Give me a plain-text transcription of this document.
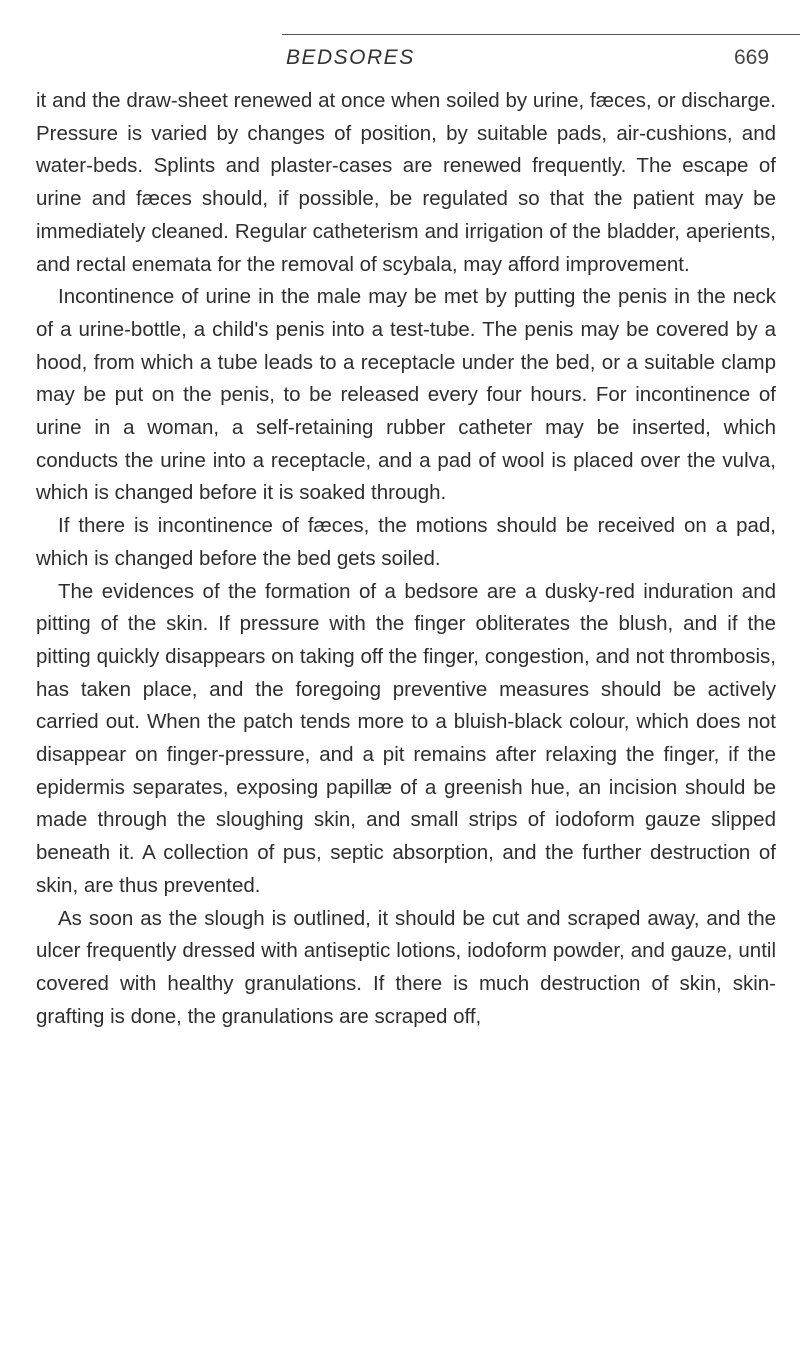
BEDSORES	669

it and the draw-sheet renewed at once when soiled by urine, fæces, or discharge. Pressure is varied by changes of position, by suitable pads, air-cushions, and water-beds. Splints and plaster-cases are renewed frequently. The escape of urine and fæces should, if possible, be regulated so that the patient may be immediately cleaned. Regular catheterism and irrigation of the bladder, aperients, and rectal enemata for the removal of scybala, may afford improvement.

Incontinence of urine in the male may be met by putting the penis in the neck of a urine-bottle, a child's penis into a test-tube. The penis may be covered by a hood, from which a tube leads to a receptacle under the bed, or a suitable clamp may be put on the penis, to be released every four hours. For incontinence of urine in a woman, a self-retaining rubber catheter may be inserted, which conducts the urine into a receptacle, and a pad of wool is placed over the vulva, which is changed before it is soaked through.

If there is incontinence of fæces, the motions should be received on a pad, which is changed before the bed gets soiled.

The evidences of the formation of a bedsore are a dusky-red induration and pitting of the skin. If pressure with the finger obliterates the blush, and if the pitting quickly disappears on taking off the finger, congestion, and not thrombosis, has taken place, and the foregoing preventive measures should be actively carried out. When the patch tends more to a bluish-black colour, which does not disappear on finger-pressure, and a pit remains after relaxing the finger, if the epidermis separates, exposing papillæ of a greenish hue, an incision should be made through the sloughing skin, and small strips of iodoform gauze slipped beneath it. A collection of pus, septic absorption, and the further destruction of skin, are thus prevented.

As soon as the slough is outlined, it should be cut and scraped away, and the ulcer frequently dressed with antiseptic lotions, iodoform powder, and gauze, until covered with healthy granulations. If there is much destruction of skin, skin-grafting is done, the granulations are scraped off,
